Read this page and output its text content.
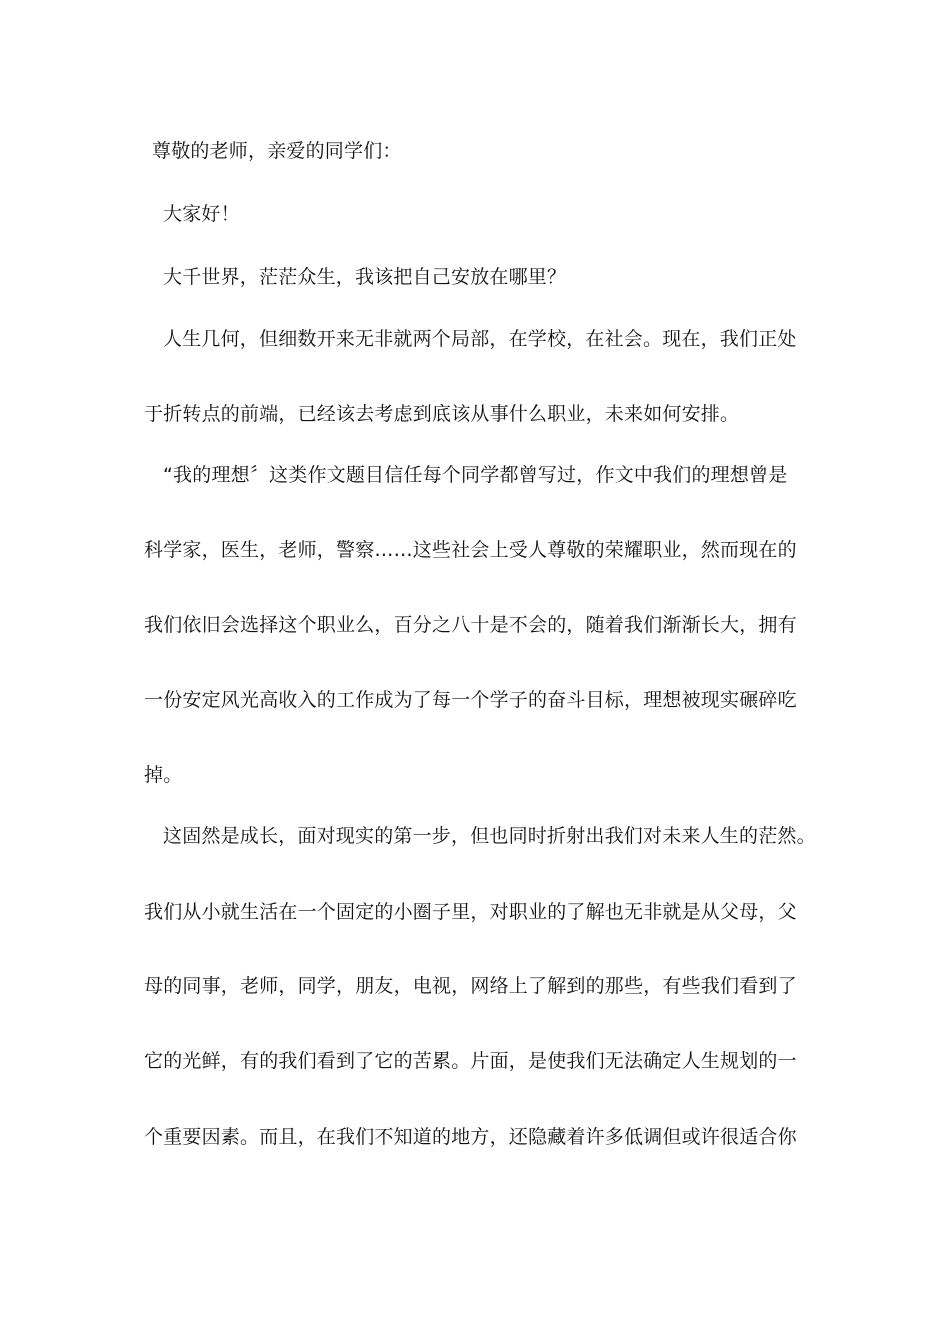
尊敬的老师，亲爱的同学们：

大家好！

大千世界，茫茫众生，我该把自己安放在哪里？

人生几何，但细数开来无非就两个局部，在学校，在社会。现在，我们正处

于折转点的前端，已经该去考虑到底该从事什么职业，未来如何安排。

“我的理想〞这类作文题目信任每个同学都曾写过，作文中我们的理想曾是

科学家，医生，老师，警察……这些社会上受人尊敬的荣耀职业，然而现在的

我们依旧会选择这个职业么，百分之八十是不会的，随着我们渐渐长大，拥有

一份安定风光高收入的工作成为了每一个学子的奋斗目标，理想被现实碾碎吃

掉。

这固然是成长，面对现实的第一步，但也同时折射出我们对未来人生的茫然。

我们从小就生活在一个固定的小圈子里，对职业的了解也无非就是从父母，父

母的同事，老师，同学，朋友，电视，网络上了解到的那些，有些我们看到了

它的光鲜，有的我们看到了它的苦累。片面，是使我们无法确定人生规划的一

个重要因素。而且，在我们不知道的地方，还隐藏着许多低调但或许很适合你
